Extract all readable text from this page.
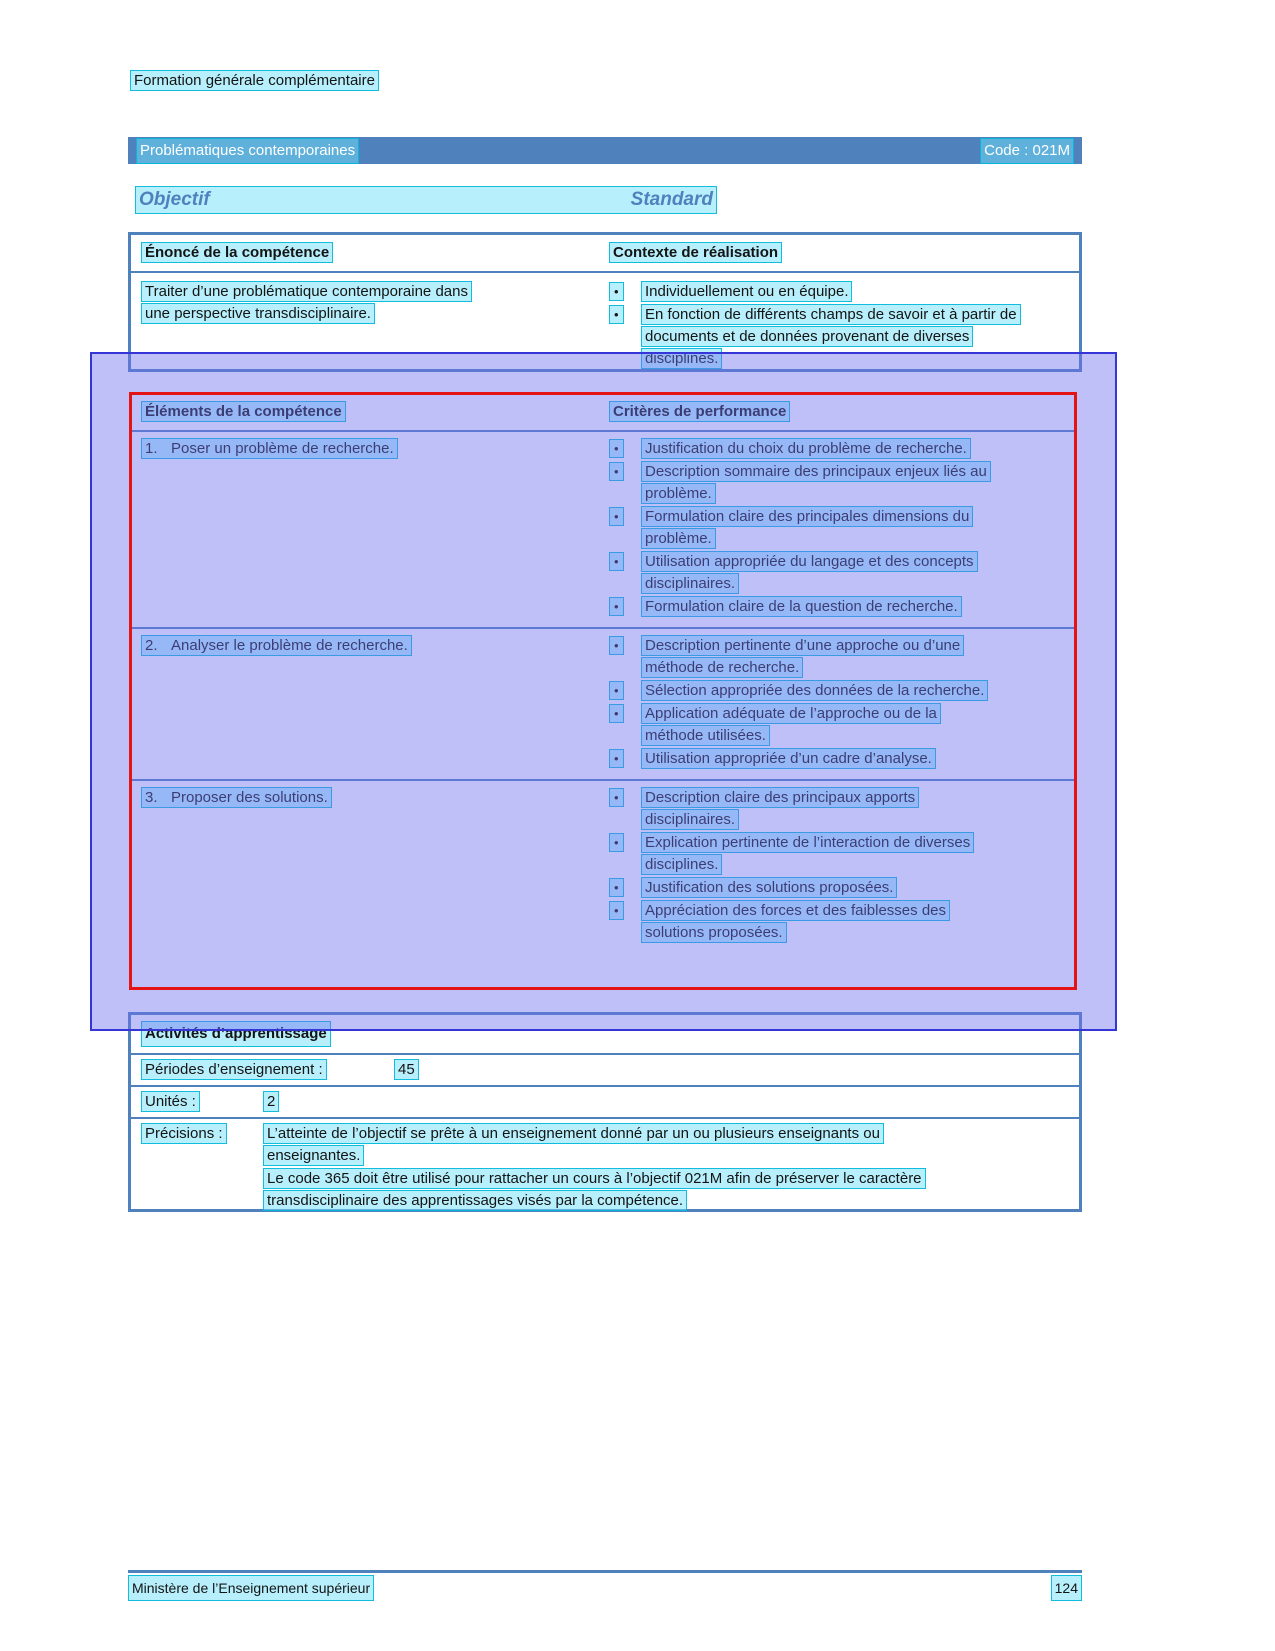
Formation générale complémentaire
Problématiques contemporaines	Code : 021M
Objectif	Standard
Énoncé de la compétence	Contexte de réalisation
Traiter d’une problématique contemporaine dans une perspective transdisciplinaire.
•	Individuellement ou en équipe.
•	En fonction de différents champs de savoir et à partir de documents et de données provenant de diverses disciplines.
Éléments de la compétence	Critères de performance
1. Poser un problème de recherche.	•	Justification du choix du problème de recherche.
•	Description sommaire des principaux enjeux liés au problème.
•	Formulation claire des principales dimensions du problème.
•	Utilisation appropriée du langage et des concepts disciplinaires.
•	Formulation claire de la question de recherche.
2. Analyser le problème de recherche.	•	Description pertinente d’une approche ou d’une méthode de recherche.
•	Sélection appropriée des données de la recherche.
•	Application adéquate de l’approche ou de la méthode utilisées.
•	Utilisation appropriée d’un cadre d’analyse.
3. Proposer des solutions.	•	Description claire des principaux apports disciplinaires.
•	Explication pertinente de l’interaction de diverses disciplines.
•	Justification des solutions proposées.
•	Appréciation des forces et des faiblesses des solutions proposées.
Activités d’apprentissage
Périodes d’enseignement :	45
Unités :	2
Précisions :	L’atteinte de l’objectif se prête à un enseignement donné par un ou plusieurs enseignants ou enseignantes.

Le code 365 doit être utilisé pour rattacher un cours à l’objectif 021M afin de préserver le caractère transdisciplinaire des apprentissages visés par la compétence.

Ministère de l’Enseignement supérieur	124
